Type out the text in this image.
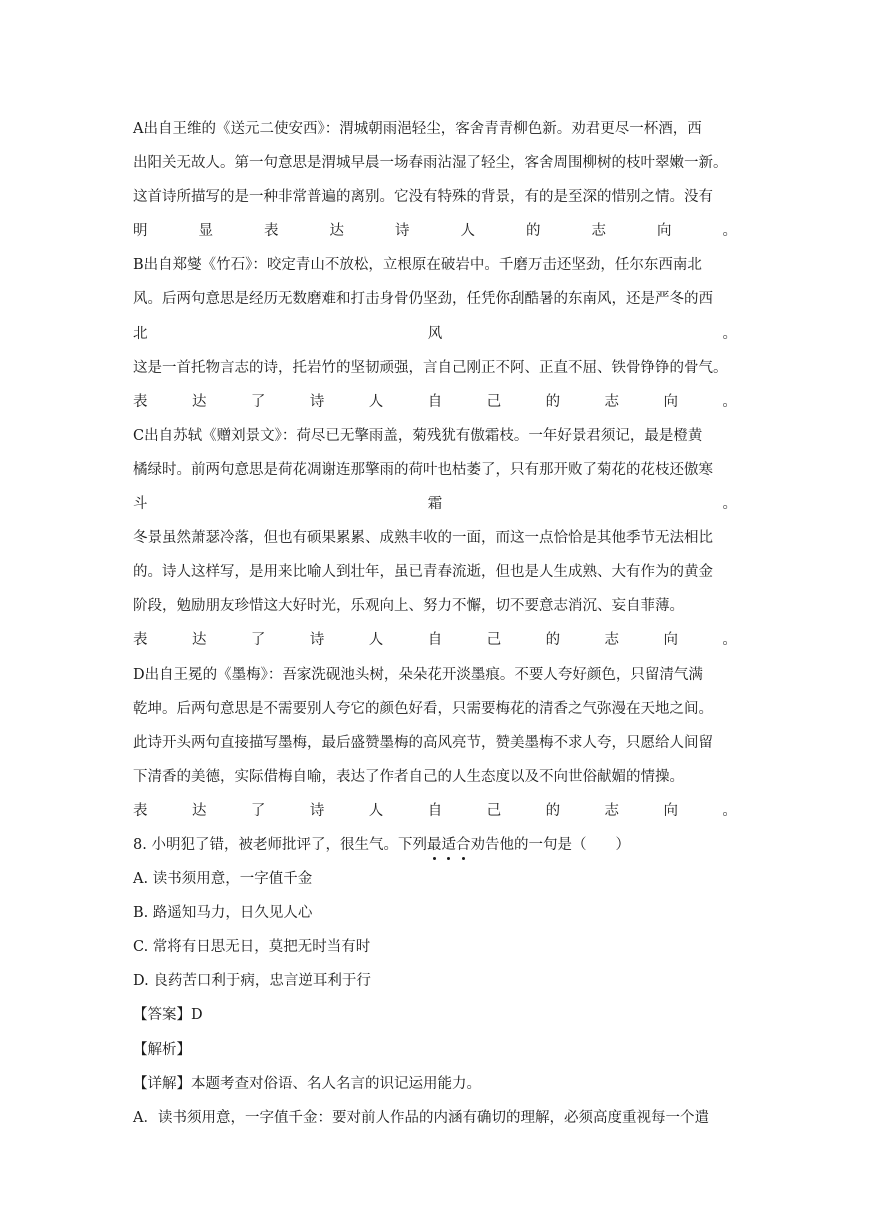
A出自王维的《送元二使安西》：渭城朝雨浥轻尘，客舍青青柳色新。劝君更尽一杯酒，西
出阳关无故人。第一句意思是渭城早晨一场春雨沾湿了轻尘，客舍周围柳树的枝叶翠嫩一新。
这首诗所描写的是一种非常普遍的离别。它没有特殊的背景，有的是至深的惜别之情。没有
明	显	表	达	诗	人	的	志	向	。
B出自郑燮《竹石》：咬定青山不放松，立根原在破岩中。千磨万击还坚劲，任尔东西南北
风。后两句意思是经历无数磨难和打击身骨仍坚劲，任凭你刮酷暑的东南风，还是严冬的西
北	风	。
这是一首托物言志的诗，托岩竹的坚韧顽强，言自己刚正不阿、正直不屈、铁骨铮铮的骨气。
表	达	了	诗	人	自	己	的	志	向	。
C出自苏轼《赠刘景文》：荷尽已无擎雨盖，菊残犹有傲霜枝。一年好景君须记，最是橙黄
橘绿时。前两句意思是荷花凋谢连那擎雨的荷叶也枯萎了，只有那开败了菊花的花枝还傲寒
斗	霜	。
冬景虽然萧瑟冷落，但也有硕果累累、成熟丰收的一面，而这一点恰恰是其他季节无法相比
的。诗人这样写，是用来比喻人到壮年，虽已青春流逝，但也是人生成熟、大有作为的黄金
阶段，勉励朋友珍惜这大好时光，乐观向上、努力不懈，切不要意志消沉、妄自菲薄。
表	达	了	诗	人	自	己	的	志	向	。
D出自王冕的《墨梅》：吾家洗砚池头树，朵朵花开淡墨痕。不要人夸好颜色，只留清气满
乾坤。后两句意思是不需要别人夸它的颜色好看，只需要梅花的清香之气弥漫在天地之间。
此诗开头两句直接描写墨梅，最后盛赞墨梅的高风亮节，赞美墨梅不求人夸，只愿给人间留
下清香的美德，实际借梅自喻，表达了作者自己的人生态度以及不向世俗献媚的情操。
表	达	了	诗	人	自	己	的	志	向	。
8. 小明犯了错，被老师批评了，很生气。下列最
适
合
劝告他的一句是（　　）
A. 读书须用意，一字值千金
B. 路遥知马力，日久见人心
C. 常将有日思无日，莫把无时当有时
D. 良药苦口利于病，忠言逆耳利于行
【答案】D
【解析】
【详解】本题考查对俗语、名人名言的识记运用能力。
A．读书须用意，一字值千金：要对前人作品的内涵有确切的理解，必须高度重视每一个遣
